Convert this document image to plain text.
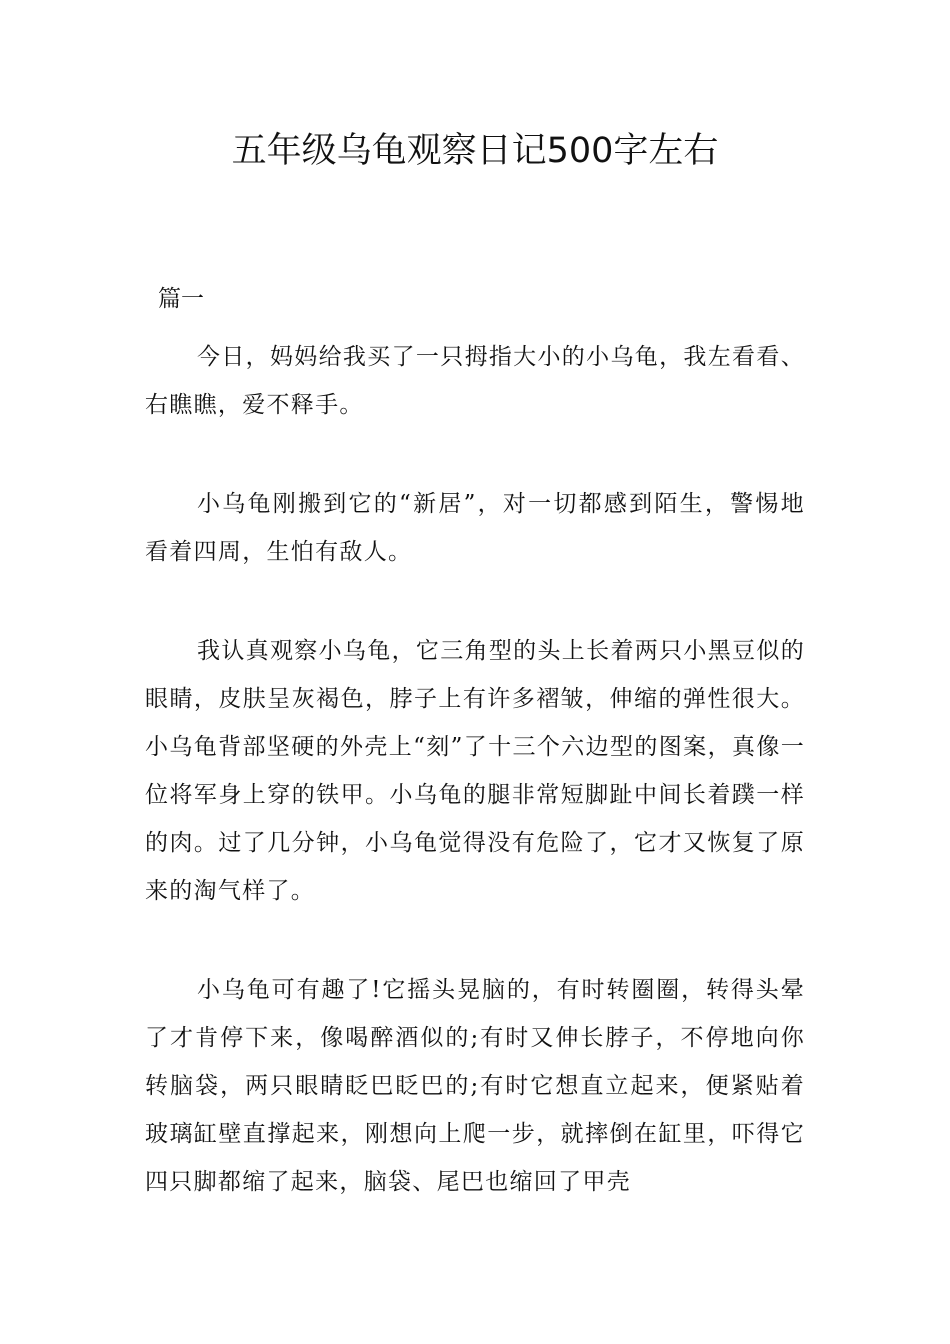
五年级乌龟观察日记500字左右
篇一

今日，妈妈给我买了一只拇指大小的小乌龟，我左看看、右瞧瞧，爱不释手。

小乌龟刚搬到它的“新居”，对一切都感到陌生，警惕地看着四周，生怕有敌人。

我认真观察小乌龟，它三角型的头上长着两只小黑豆似的眼睛，皮肤呈灰褐色，脖子上有许多褶皱，伸缩的弹性很大。小乌龟背部坚硬的外壳上“刻”了十三个六边型的图案，真像一位将军身上穿的铁甲。小乌龟的腿非常短脚趾中间长着蹼一样的肉。过了几分钟，小乌龟觉得没有危险了，它才又恢复了原来的淘气样了。

小乌龟可有趣了!它摇头晃脑的，有时转圈圈，转得头晕了才肯停下来，像喝醉酒似的;有时又伸长脖子，不停地向你转脑袋，两只眼睛眨巴眨巴的;有时它想直立起来，便紧贴着玻璃缸壁直撑起来，刚想向上爬一步，就摔倒在缸里，吓得它四只脚都缩了起来，脑袋、尾巴也缩回了甲壳
